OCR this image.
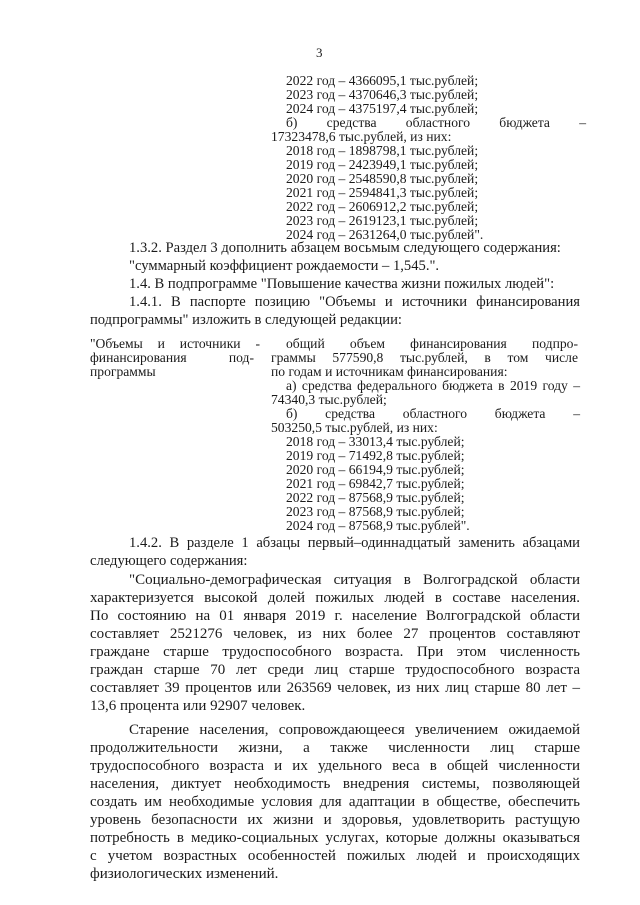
3
2022 год – 4366095,1 тыс.рублей;
2023 год – 4370646,3 тыс.рублей;
2024 год – 4375197,4 тыс.рублей;
б) средства областного бюджета –
17323478,6 тыс.рублей, из них:
2018 год – 1898798,1 тыс.рублей;
2019 год – 2423949,1 тыс.рублей;
2020 год – 2548590,8 тыс.рублей;
2021 год – 2594841,3 тыс.рублей;
2022 год – 2606912,2 тыс.рублей;
2023 год – 2619123,1 тыс.рублей;
2024 год – 2631264,0 тыс.рублей".
1.3.2. Раздел 3 дополнить абзацем восьмым следующего содержания:
"суммарный коэффициент рождаемости – 1,545.".
1.4. В подпрограмме "Повышение качества жизни пожилых людей":
1.4.1. В паспорте позицию "Объемы и источники финансирования
подпрограммы" изложить в следующей редакции:
"Объемы и источники -
финансирования под-
программы
общий объем финансирования подпро-
граммы 577590,8 тыс.рублей, в том числе
по годам и источникам финансирования:
а) средства федерального бюджета в 2019 году –
74340,3 тыс.рублей;
б) средства областного бюджета –
503250,5 тыс.рублей, из них:
2018 год – 33013,4 тыс.рублей;
2019 год – 71492,8 тыс.рублей;
2020 год – 66194,9 тыс.рублей;
2021 год – 69842,7 тыс.рублей;
2022 год – 87568,9 тыс.рублей;
2023 год – 87568,9 тыс.рублей;
2024 год – 87568,9 тыс.рублей".
1.4.2. В разделе 1 абзацы первый–одиннадцатый заменить абзацами
следующего содержания:
"Социально-демографическая ситуация в Волгоградской области
характеризуется высокой долей пожилых людей в составе населения.
По состоянию на 01 января 2019 г. население Волгоградской области
составляет 2521276 человек, из них более 27 процентов составляют
граждане старше трудоспособного возраста. При этом численность
граждан старше 70 лет среди лиц старше трудоспособного возраста
составляет 39 процентов или 263569 человек, из них лиц старше 80 лет –
13,6 процента или 92907 человек.
Старение населения, сопровождающееся увеличением ожидаемой
продолжительности жизни, а также численности лиц старше
трудоспособного возраста и их удельного веса в общей численности
населения, диктует необходимость внедрения системы, позволяющей
создать им необходимые условия для адаптации в обществе, обеспечить
уровень безопасности их жизни и здоровья, удовлетворить растущую
потребность в медико-социальных услугах, которые должны оказываться
с учетом возрастных особенностей пожилых людей и происходящих
физиологических изменений.
